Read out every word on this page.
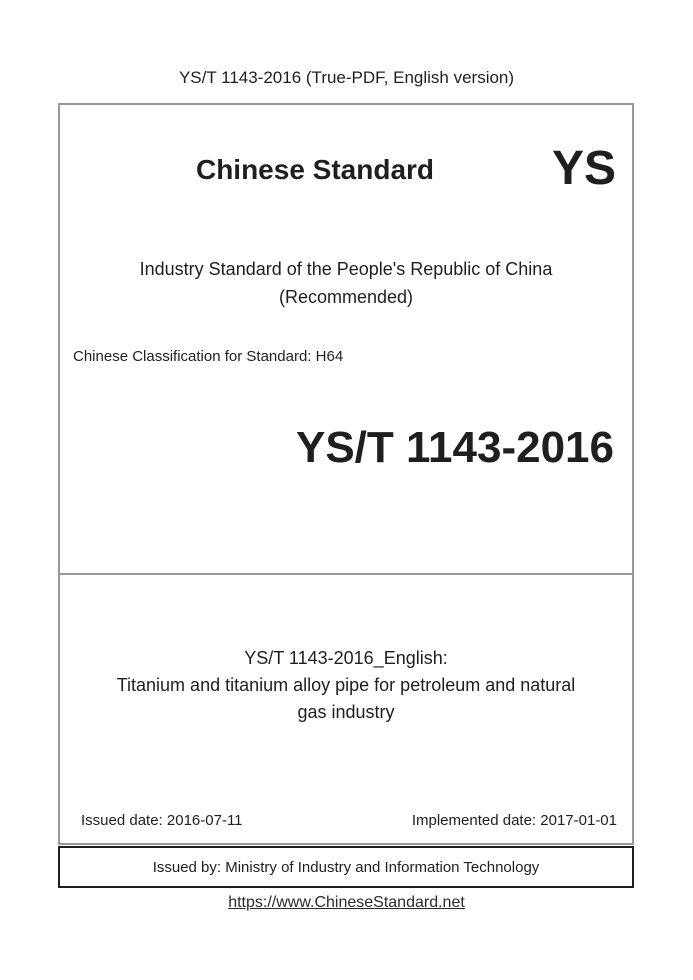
YS/T 1143-2016 (True-PDF, English version)
Chinese Standard	YS
Industry Standard of the People's Republic of China
(Recommended)
Chinese Classification for Standard: H64
YS/T 1143-2016
YS/T 1143-2016_English:
Titanium and titanium alloy pipe for petroleum and natural
gas industry
Issued date: 2016-07-11	Implemented date: 2017-01-01
Issued by: Ministry of Industry and Information Technology
https://www.ChineseStandard.net
